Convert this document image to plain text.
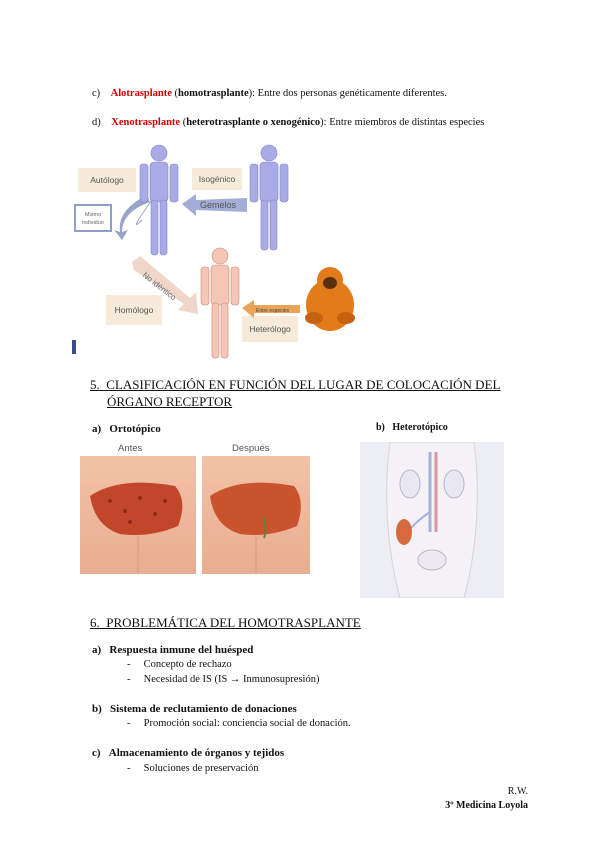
c) Alotrasplante (homotrasplante): Entre dos personas genéticamente diferentes.
d) Xenotrasplante (heterotrasplante o xenogénico): Entre miembros de distintas especies
Autólogo
Mismo
individuo
Isogénico
Homólogo
Heterólogo
Gemelos
No idéntico
Entre especies
5. CLASIFICACIÓN EN FUNCIÓN DEL LUGAR DE COLOCACIÓN DEL
ÓRGANO RECEPTOR
a) Ortotópico	b) Heterotópico
Antes	Después
6. PROBLEMÁTICA DEL HOMOTRASPLANTE
a) Respuesta inmune del huésped
-     Concepto de rechazo
-     Necesidad de IS (IS → Inmunosupresión)
b) Sistema de reclutamiento de donaciones
-     Promoción social: conciencia social de donación.
c) Almacenamiento de órganos y tejidos
-     Soluciones de preservación
R.W.
3º Medicina Loyola
